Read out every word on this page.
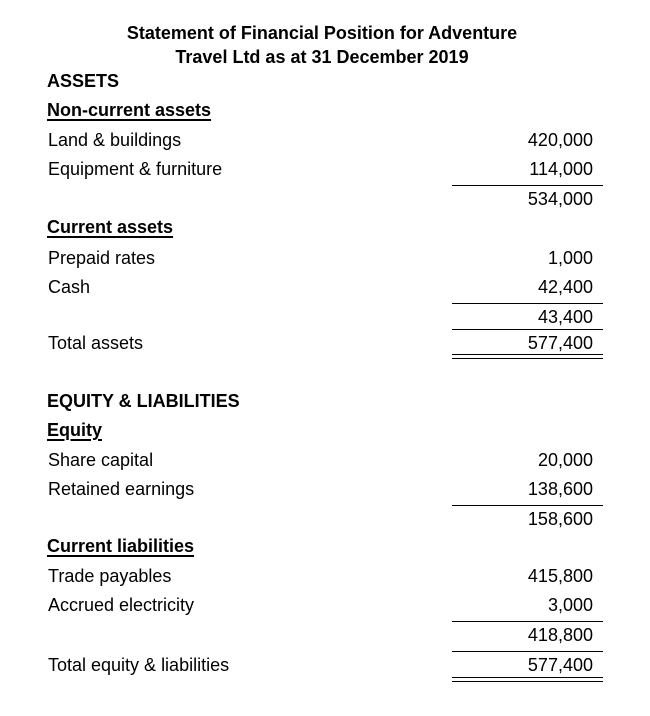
Statement of Financial Position for Adventure
Travel Ltd as at 31 December 2019
ASSETS
Non-current assets
Land & buildings	420,000
Equipment & furniture	114,000
534,000
Current assets
Prepaid rates	1,000
Cash	42,400
43,400
Total assets	577,400
EQUITY & LIABILITIES
Equity
Share capital	20,000
Retained earnings	138,600
158,600
Current liabilities
Trade payables	415,800
Accrued electricity	3,000
418,800
Total equity & liabilities	577,400
